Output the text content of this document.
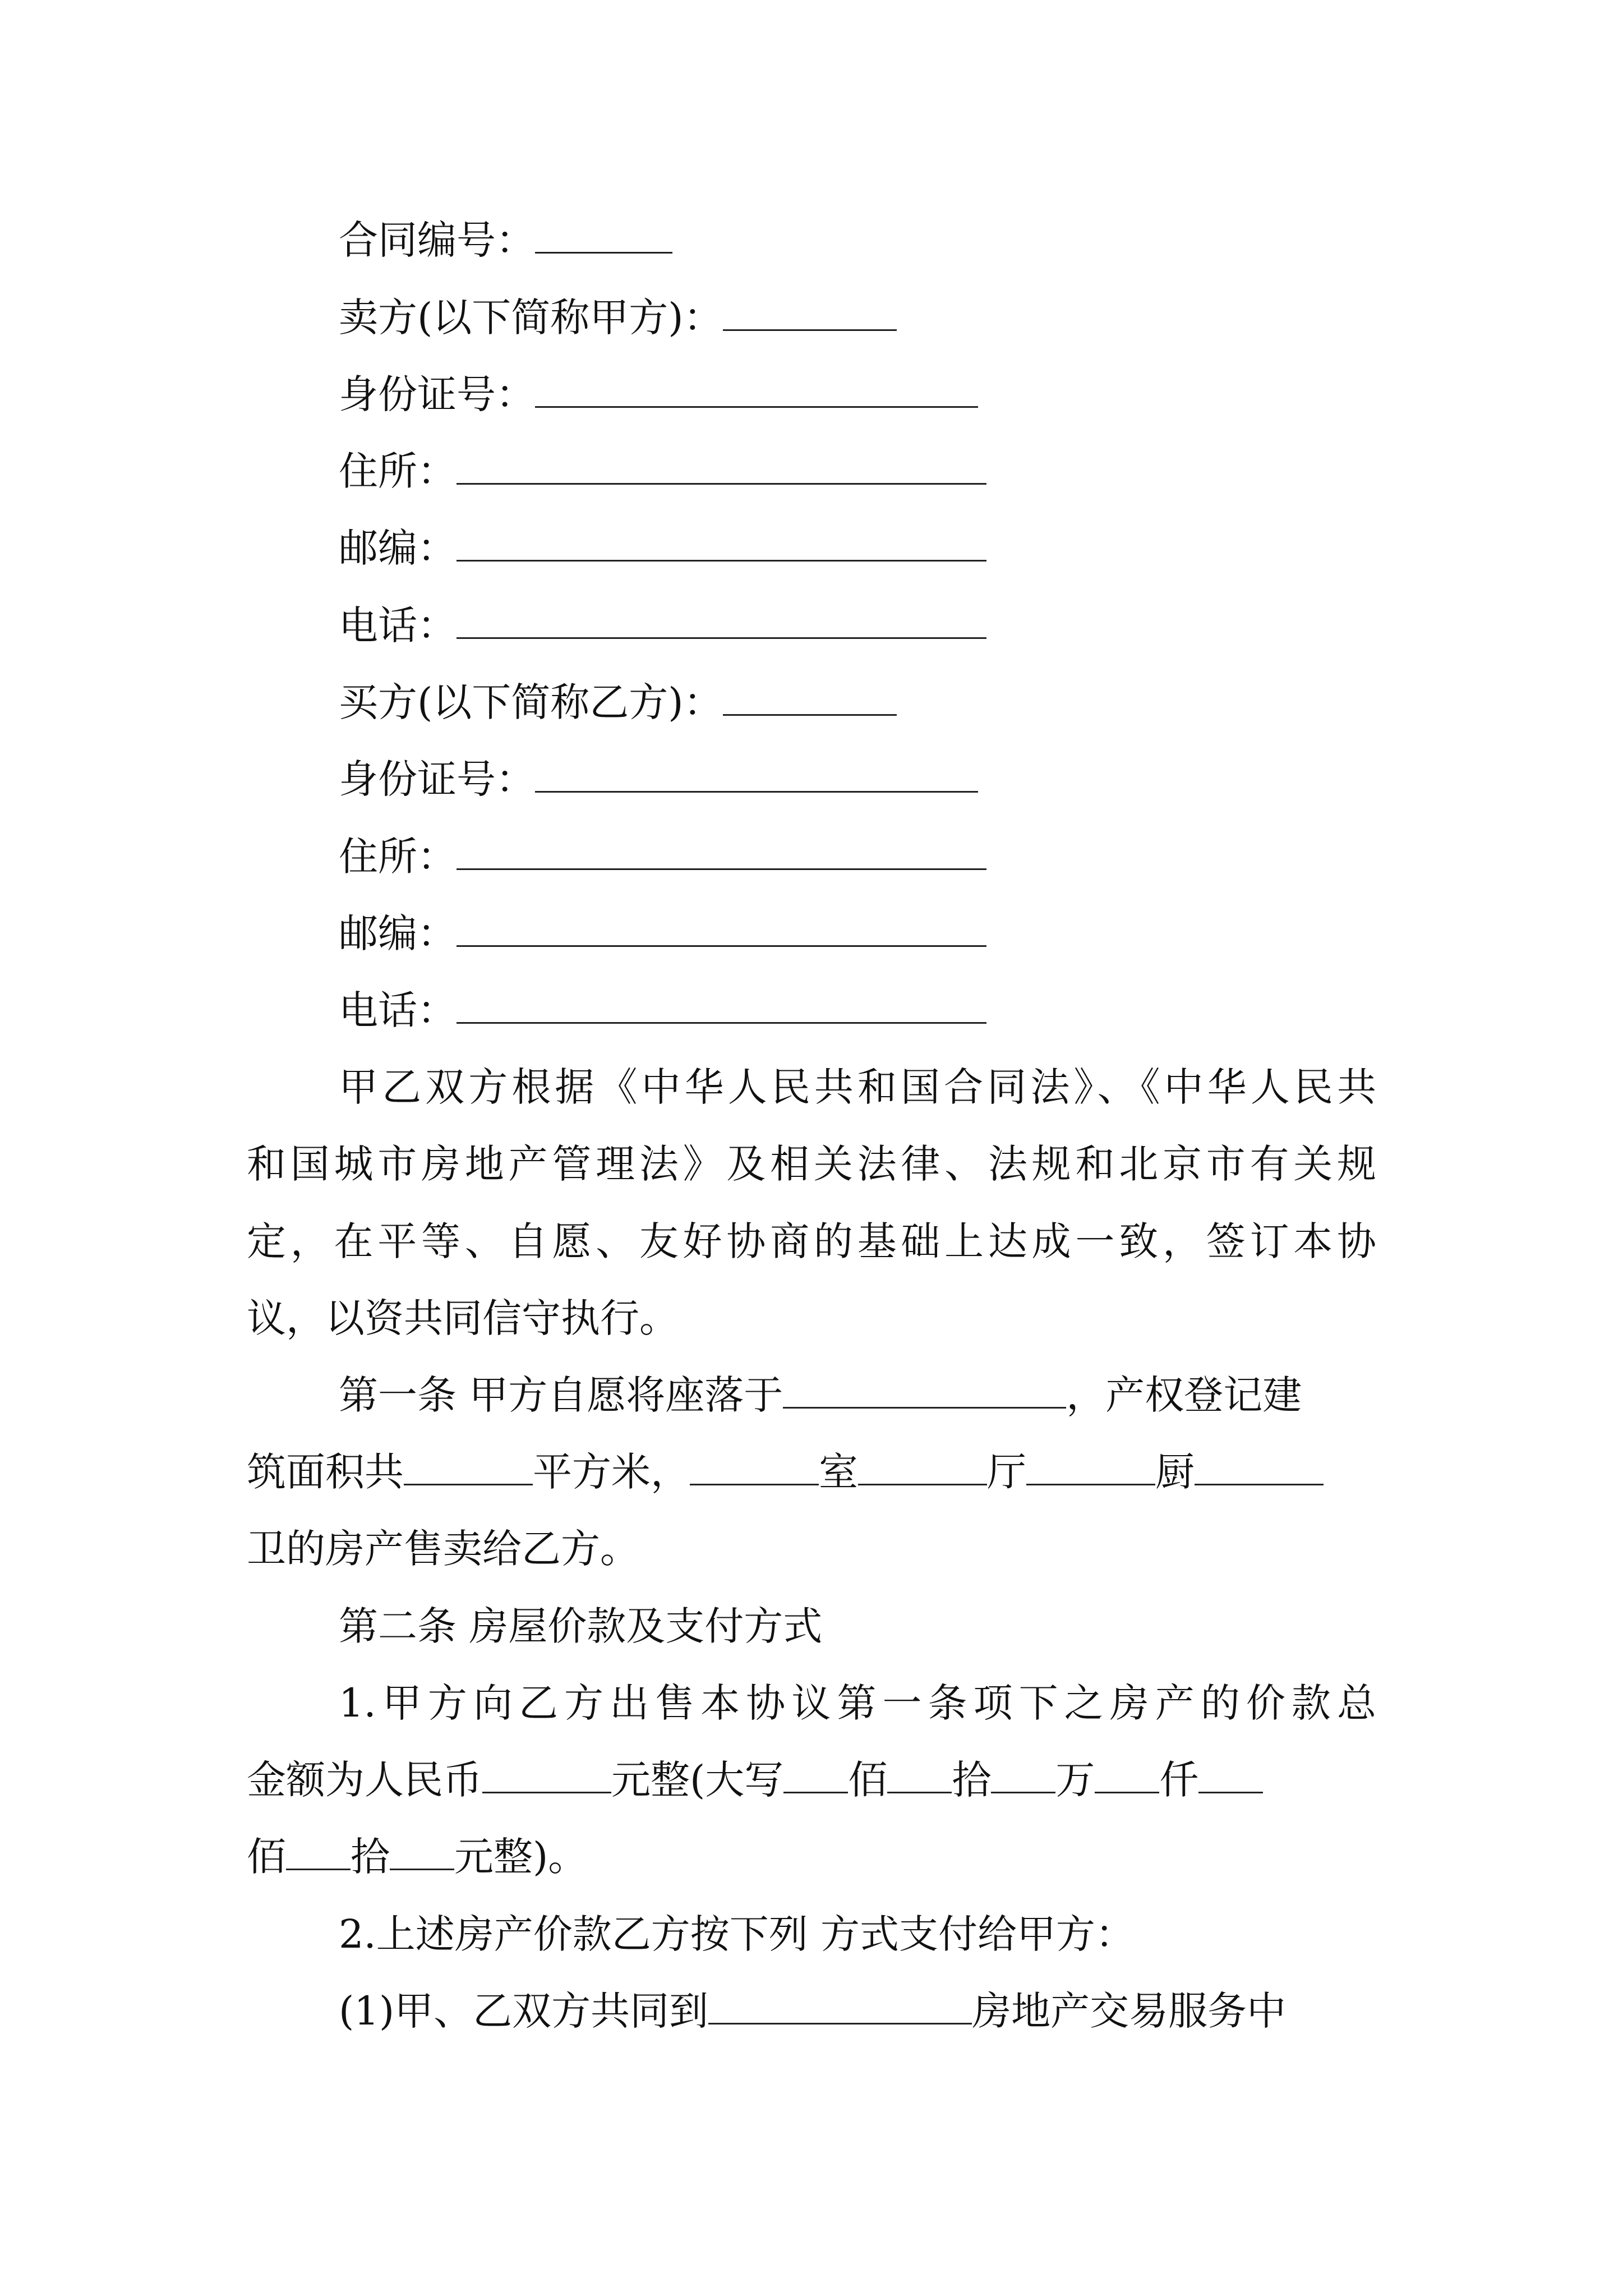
合同编号：

卖方(以下简称甲方)：

身份证号：

住所：

邮编：

电话：

买方(以下简称乙方)：

身份证号：

住所：

邮编：

电话：

甲乙双方根据《中华人民共和国合同法》、《中华人民共

和国城市房地产管理法》及相关法律、法规和北京市有关规

定，在平等、自愿、友好协商的基础上达成一致，签订本协

议，以资共同信守执行。

第一条 甲方自愿将座落于	，产权登记建

筑面积共	平方米，	室	厅	厨

卫的房产售卖给乙方。

第二条 房屋价款及支付方式

1.甲方向乙方出售本协议第一条项下之房产的价款总

金额为人民币	元整(大写 佰 拾 万 仟

佰 拾 元整)。

2.上述房产价款乙方按下列 方式支付给甲方：

(1)甲、乙双方共同到	房地产交易服务中
